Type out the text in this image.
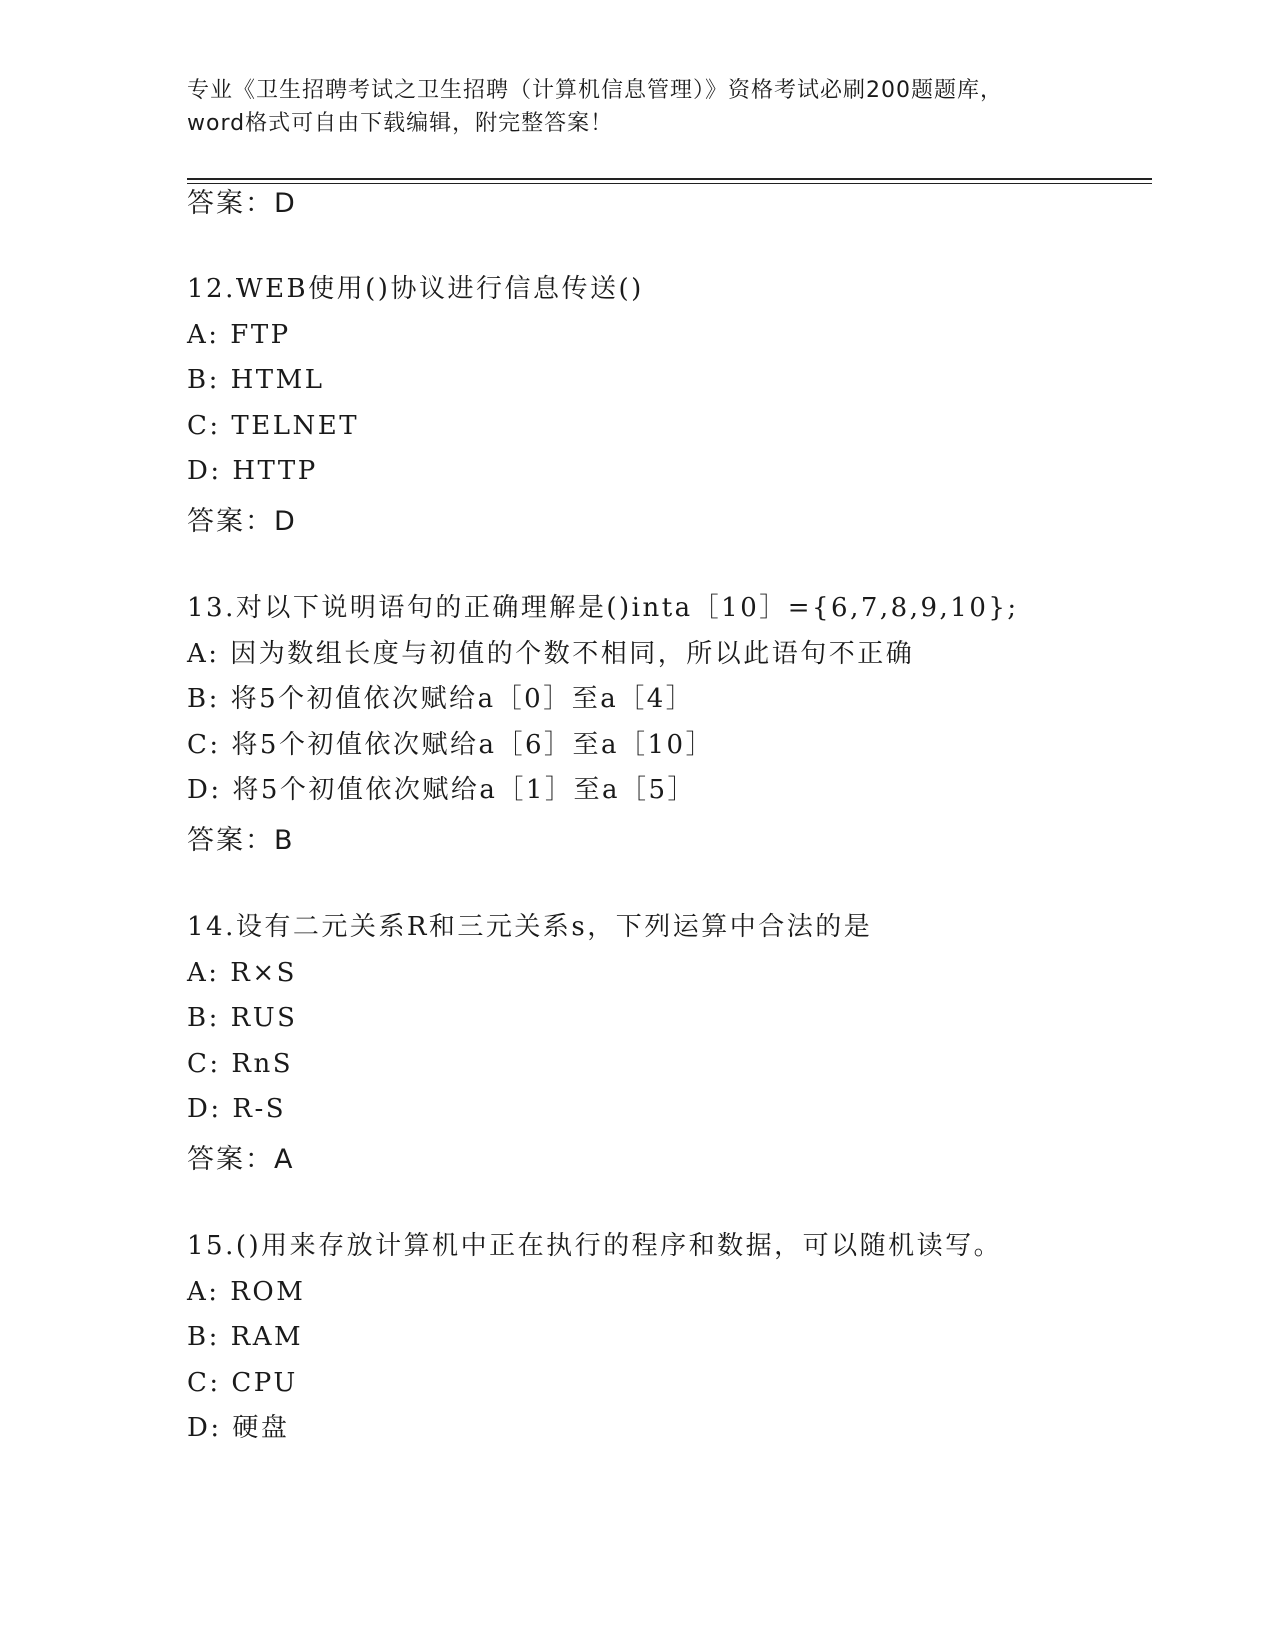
专业《卫生招聘考试之卫生招聘（计算机信息管理）》资格考试必刷200题题库，
word格式可自由下载编辑，附完整答案！
答案：D
12.WEB使用()协议进行信息传送()
A: FTP
B: HTML
C: TELNET
D: HTTP
答案：D
13.对以下说明语句的正确理解是()inta［10］={6,7,8,9,10};
A: 因为数组长度与初值的个数不相同，所以此语句不正确
B: 将5个初值依次赋给a［0］至a［4］
C: 将5个初值依次赋给a［6］至a［10］
D: 将5个初值依次赋给a［1］至a［5］
答案：B
14.设有二元关系R和三元关系s，下列运算中合法的是
A: R×S
B: RUS
C: RnS
D: R-S
答案：A
15.()用来存放计算机中正在执行的程序和数据，可以随机读写。
A: ROM
B: RAM
C: CPU
D: 硬盘
